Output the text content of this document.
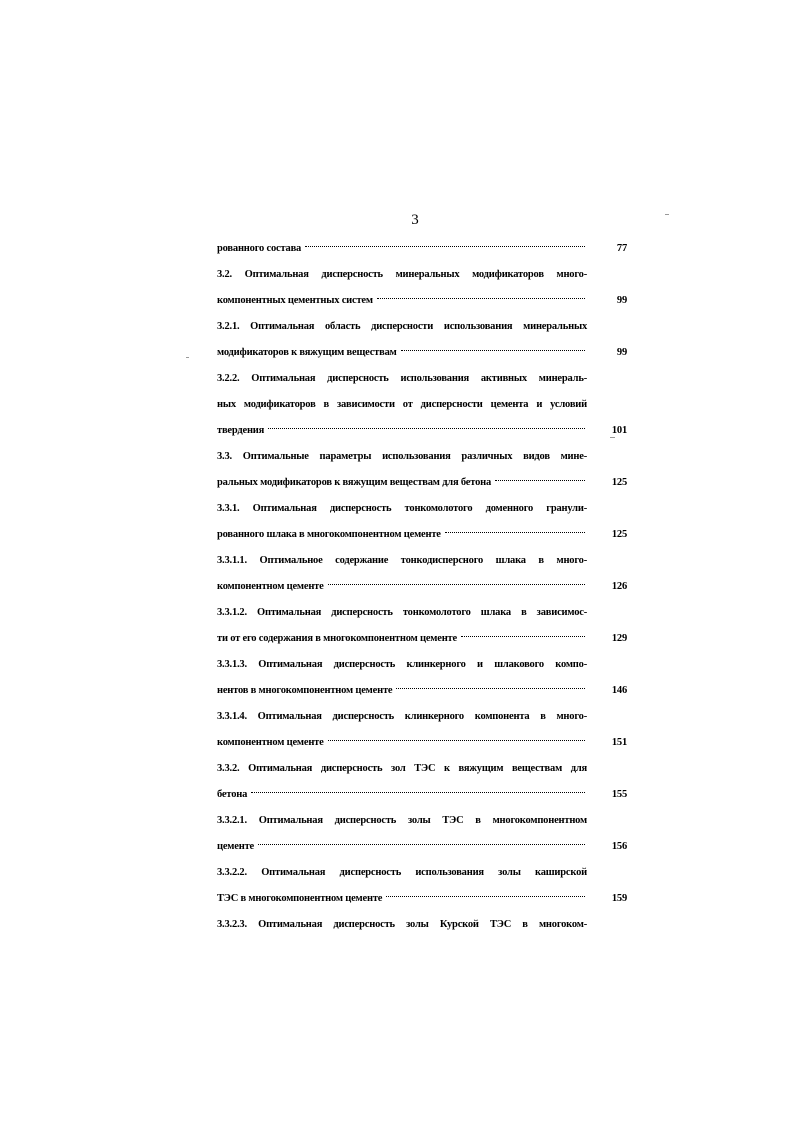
3
рованного состава	77
3.2. Оптимальная дисперсность минеральных модификаторов много-
компонентных цементных систем	99
3.2.1. Оптимальная область дисперсности использования минеральных
модификаторов к вяжущим веществам	99
3.2.2. Оптимальная дисперсность использования активных минераль-
ных модификаторов в зависимости от дисперсности цемента и условий
твердения	101
3.3. Оптимальные параметры использования различных видов мине-
ральных модификаторов к вяжущим веществам для бетона	125
3.3.1. Оптимальная дисперсность тонкомолотого доменного гранули-
рованного шлака в многокомпонентном цементе	125
3.3.1.1. Оптимальное содержание тонкодисперсного шлака в много-
компонентном цементе	126
3.3.1.2. Оптимальная дисперсность тонкомолотого шлака в зависимос-
ти от его содержания в многокомпонентном цементе	129
3.3.1.3. Оптимальная дисперсность клинкерного и шлакового компо-
нентов в многокомпонентном цементе	146
3.3.1.4. Оптимальная дисперсность клинкерного компонента в много-
компонентном цементе	151
3.3.2. Оптимальная дисперсность зол ТЭС к вяжущим веществам для
бетона	155
3.3.2.1. Оптимальная дисперсность золы ТЭС в многокомпонентном
цементе	156
3.3.2.2. Оптимальная дисперсность использования золы каширской
ТЭС в многокомпонентном цементе	159
3.3.2.3. Оптимальная дисперсность золы Курской ТЭС в многоком-
